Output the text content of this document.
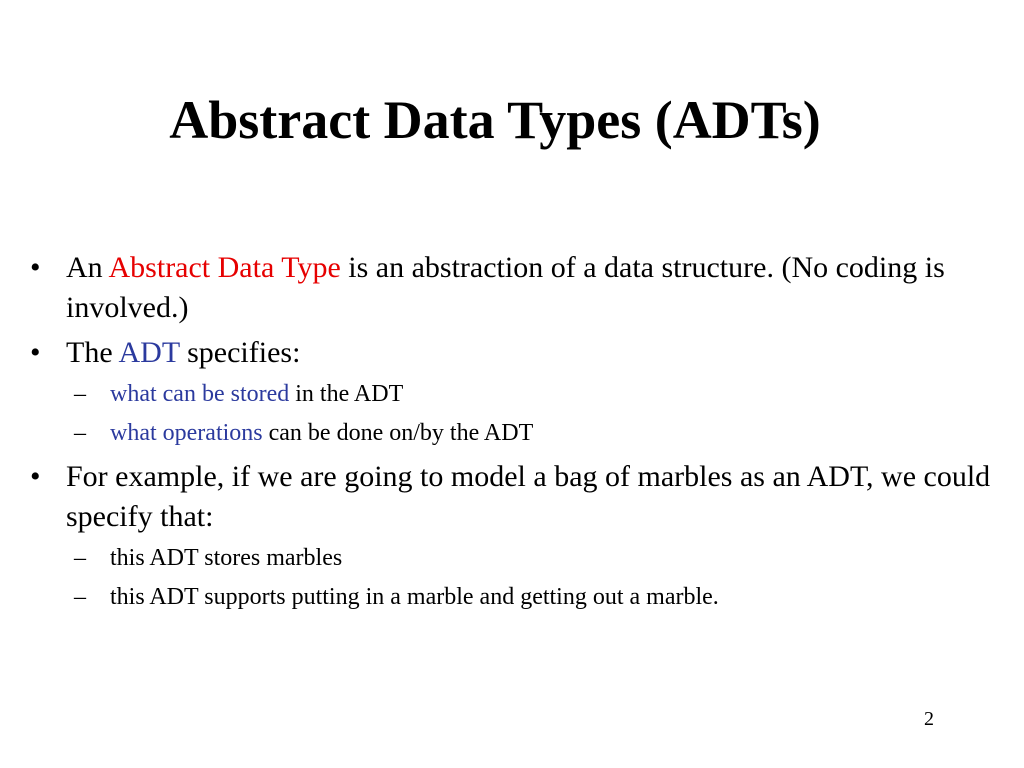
Abstract Data Types (ADTs)
• An Abstract Data Type is an abstraction of a data structure. (No coding is involved.)
• The ADT specifies:
– what can be stored in the ADT
– what operations can be done on/by the ADT
• For example, if we are going to model a bag of marbles as an ADT, we could specify that:
– this ADT stores marbles
– this ADT supports putting in a marble and getting out a marble.
2
